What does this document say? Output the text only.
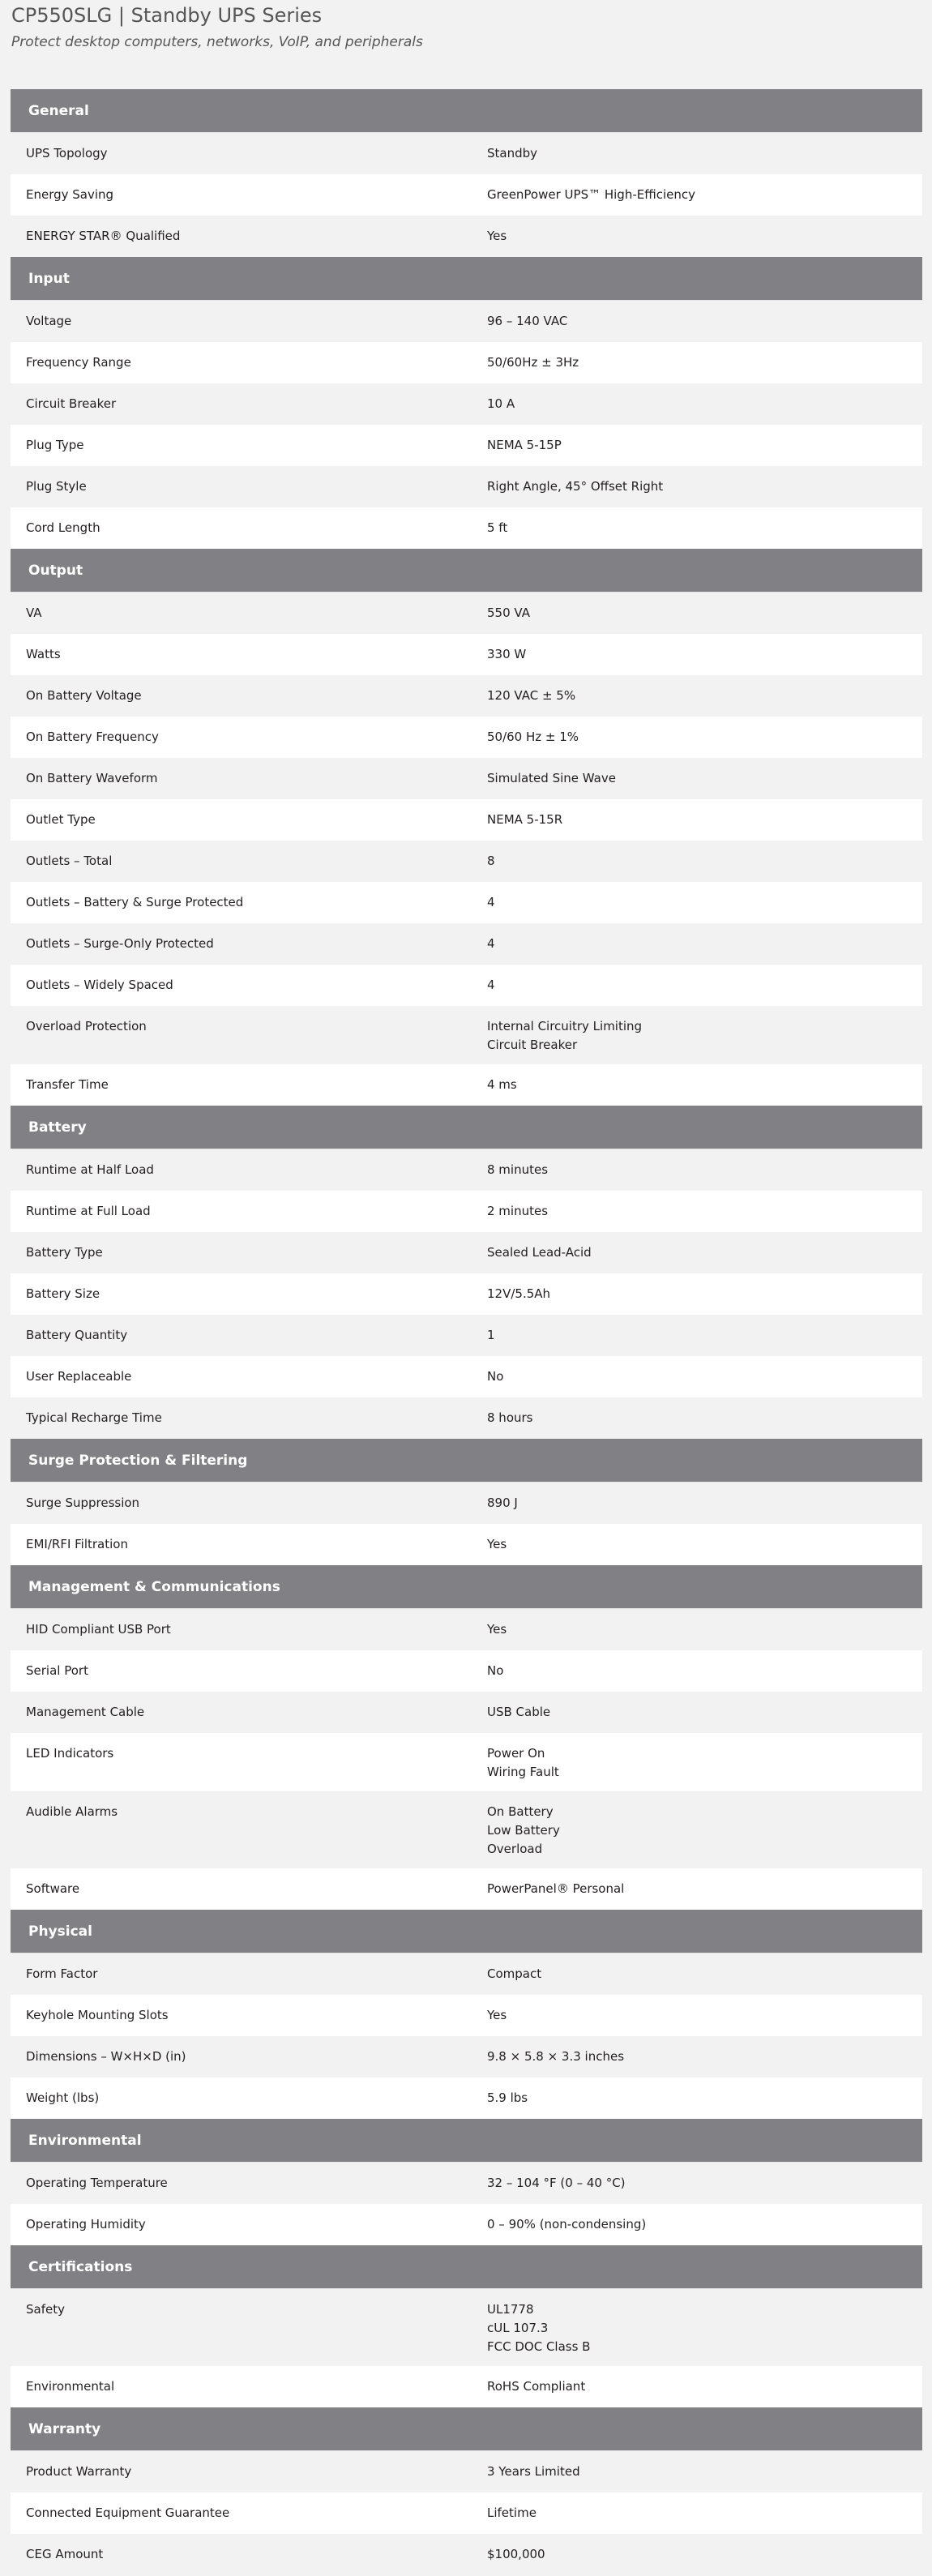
CP550SLG | Standby UPS Series

Protect desktop computers, networks, VoIP, and peripherals

General
UPS Topology	Standby
Energy Saving	GreenPower UPS™ High-Efficiency
ENERGY STAR® Qualified	Yes
Input
Voltage	96 – 140 VAC
Frequency Range	50/60Hz ± 3Hz
Circuit Breaker	10 A
Plug Type	NEMA 5-15P
Plug Style	Right Angle, 45° Offset Right
Cord Length	5 ft
Output
VA	550 VA
Watts	330 W
On Battery Voltage	120 VAC ± 5%
On Battery Frequency	50/60 Hz ± 1%
On Battery Waveform	Simulated Sine Wave
Outlet Type	NEMA 5-15R
Outlets – Total	8
Outlets – Battery & Surge Protected	4
Outlets – Surge-Only Protected	4
Outlets – Widely Spaced	4
Overload Protection	Internal Circuitry Limiting
Circuit Breaker
Transfer Time	4 ms
Battery
Runtime at Half Load	8 minutes
Runtime at Full Load	2 minutes
Battery Type	Sealed Lead-Acid
Battery Size	12V/5.5Ah
Battery Quantity	1
User Replaceable	No
Typical Recharge Time	8 hours
Surge Protection & Filtering
Surge Suppression	890 J
EMI/RFI Filtration	Yes
Management & Communications
HID Compliant USB Port	Yes
Serial Port	No
Management Cable	USB Cable
LED Indicators	Power On
Wiring Fault
Audible Alarms	On Battery
Low Battery
Overload
Software	PowerPanel® Personal
Physical
Form Factor	Compact
Keyhole Mounting Slots	Yes
Dimensions – W×H×D (in)	9.8 × 5.8 × 3.3 inches
Weight (lbs)	5.9 lbs
Environmental
Operating Temperature	32 – 104 °F (0 – 40 °C)
Operating Humidity	0 – 90% (non-condensing)
Certifications
Safety	UL1778
cUL 107.3
FCC DOC Class B
Environmental	RoHS Compliant
Warranty
Product Warranty	3 Years Limited
Connected Equipment Guarantee	Lifetime
CEG Amount	$100,000
